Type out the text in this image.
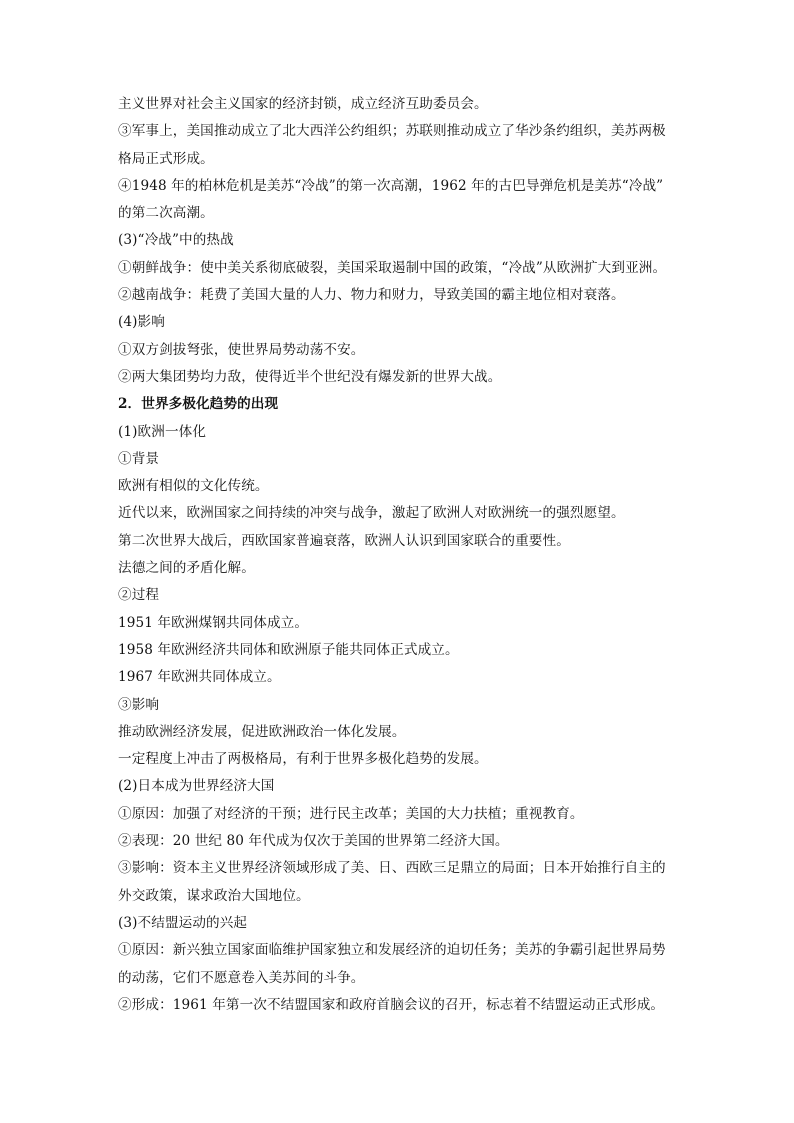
主义世界对社会主义国家的经济封锁，成立经济互助委员会。
③军事上，美国推动成立了北大西洋公约组织；苏联则推动成立了华沙条约组织，美苏两极
格局正式形成。
④1948 年的柏林危机是美苏“冷战”的第一次高潮，1962 年的古巴导弹危机是美苏“冷战”
的第二次高潮。
(3)“冷战”中的热战
①朝鲜战争：使中美关系彻底破裂，美国采取遏制中国的政策，“冷战”从欧洲扩大到亚洲。
②越南战争：耗费了美国大量的人力、物力和财力，导致美国的霸主地位相对衰落。
(4)影响
①双方剑拔弩张，使世界局势动荡不安。
②两大集团势均力敌，使得近半个世纪没有爆发新的世界大战。
2．世界多极化趋势的出现
(1)欧洲一体化
①背景
欧洲有相似的文化传统。
近代以来，欧洲国家之间持续的冲突与战争，激起了欧洲人对欧洲统一的强烈愿望。
第二次世界大战后，西欧国家普遍衰落，欧洲人认识到国家联合的重要性。
法德之间的矛盾化解。
②过程
1951 年欧洲煤钢共同体成立。
1958 年欧洲经济共同体和欧洲原子能共同体正式成立。
1967 年欧洲共同体成立。
③影响
推动欧洲经济发展，促进欧洲政治一体化发展。
一定程度上冲击了两极格局，有利于世界多极化趋势的发展。
(2)日本成为世界经济大国
①原因：加强了对经济的干预；进行民主改革；美国的大力扶植；重视教育。
②表现：20 世纪 80 年代成为仅次于美国的世界第二经济大国。
③影响：资本主义世界经济领域形成了美、日、西欧三足鼎立的局面；日本开始推行自主的
外交政策，谋求政治大国地位。
(3)不结盟运动的兴起
①原因：新兴独立国家面临维护国家独立和发展经济的迫切任务；美苏的争霸引起世界局势
的动荡，它们不愿意卷入美苏间的斗争。
②形成：1961 年第一次不结盟国家和政府首脑会议的召开，标志着不结盟运动正式形成。
